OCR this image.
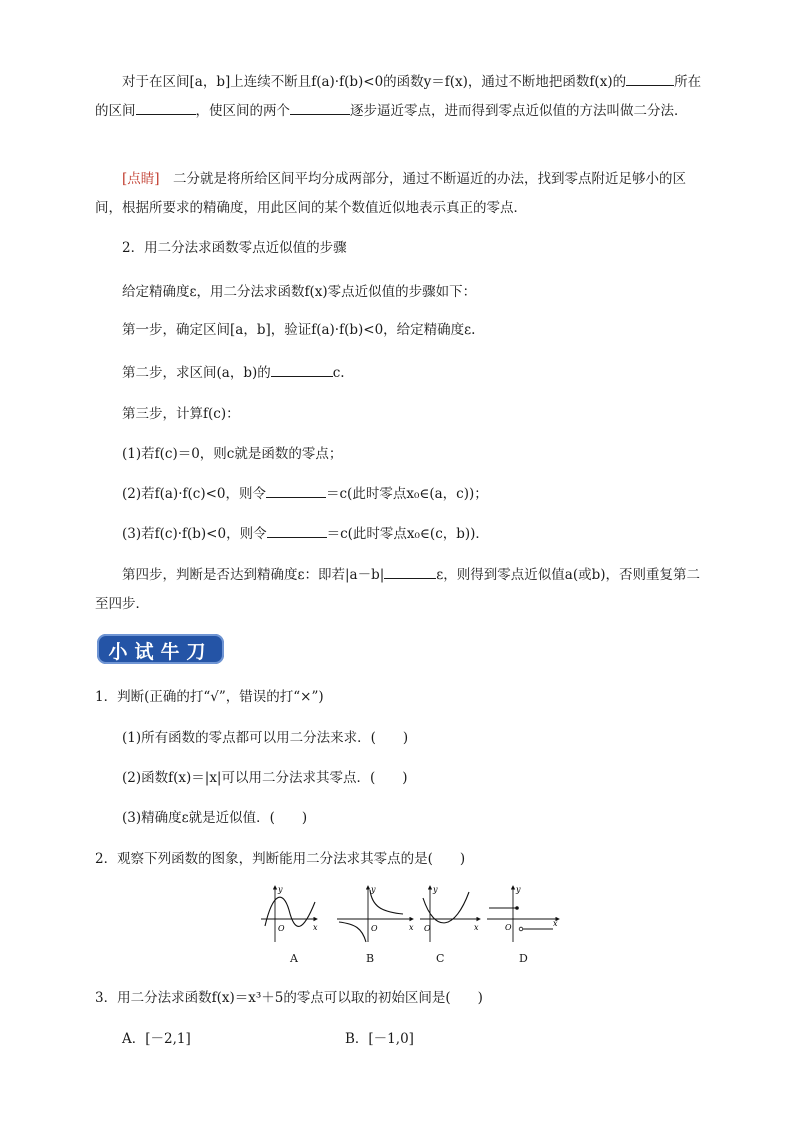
对于在区间[a，b]上连续不断且f(a)·f(b)<0的函数y＝f(x)，通过不断地把函数f(x)的	所在的区间	，使区间的两个	逐步逼近零点，进而得到零点近似值的方法叫做二分法．
[点睛]　 二分就是将所给区间平均分成两部分，通过不断逼近的办法，找到零点附近足够小的区间，根据所要求的精确度，用此区间的某个数值近似地表示真正的零点．
2．用二分法求函数零点近似值的步骤
给定精确度ε，用二分法求函数f(x)零点近似值的步骤如下：
第一步，确定区间[a，b]，验证f(a)·f(b)<0，给定精确度ε.
第二步，求区间(a，b)的	c.
第三步，计算f(c)：
(1)若f(c)＝0，则c就是函数的零点；
(2)若f(a)·f(c)<0，则令	＝c(此时零点x₀∈(a，c))；
(3)若f(c)·f(b)<0，则令	＝c(此时零点x₀∈(c，b))．
第四步，判断是否达到精确度ε：即若|a－b|	ε，则得到零点近似值a(或b)，否则重复第二至四步．
小试牛刀
1．判断(正确的打“√”，错误的打“×”)
(1)所有函数的零点都可以用二分法来求．(　　)
(2)函数f(x)＝|x|可以用二分法求其零点．(　　)
(3)精确度ε就是近似值．(　　)
2．观察下列函数的图象，判断能用二分法求其零点的是(　　)
y
O	x
y
O	x
y
O	x
y
O	x
A	B	C	D
3．用二分法求函数f(x)＝x³＋5的零点可以取的初始区间是(　　)
A．[－2,1]	B．[－1,0]
